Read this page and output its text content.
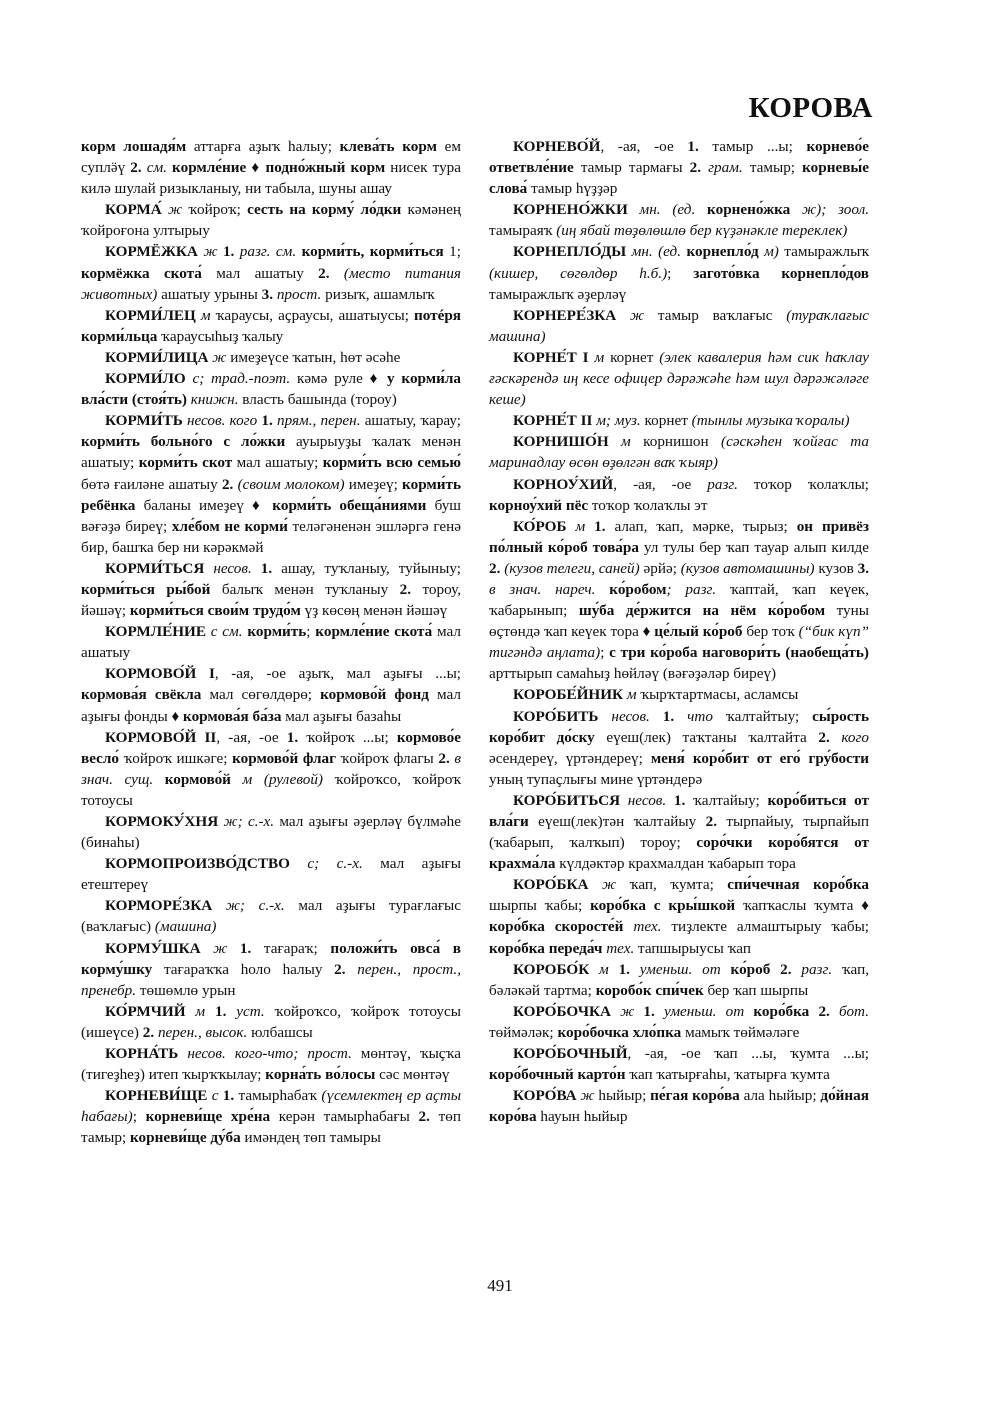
КОРОВА

корм лошадя́м аттарға аҙыҡ һалыу; клева́ть корм ем суплӛү 2. см. кормле́ние ♦ подно́жный корм нисек тура килә шулай ризыкланыу, ни табыла, шуны ашау

КОРМА́ ж ҡойроҡ; сесть на корму́ ло́дки кәмәнең ҡойроғона ултырыу

КОРМЁЖКА ж 1. разг. см. корми́ть, корми́ться 1; кормёжка скота́ мал ашатыу 2. (место питания животных) ашатыу урыны 3. прост. ризыҡ, ашамлыҡ

КОРМИ́ЛЕЦ м ҡараусы, аҫраусы, ашатыусы; потéря корми́льца ҡараусыһыҙ ҡалыу

КОРМИ́ЛИЦА ж имеҙеүсе ҡатын, һөт әсәһе

КОРМИ́ЛО с; трад.-поэт. кәмә руле ♦ у корми́ла вла́сти (стоя́ть) книжн. власть башында (тороу)

КОРМИ́ТЬ несов. кого 1. прям., перен. ашатыу, ҡарау; корми́ть больно́го с ло́жки ауырыуҙы ҡалаҡ менән ашатыу; корми́ть скот мал ашатыу; корми́ть всю семью́ бөтә ғаиләне ашатыу 2. (своим молоком) имеҙеү; корми́ть ребёнка баланы имеҙеү ♦ корми́ть обеща́ниями буш вәғәҙә биреү; хле́бом не корми́ теләгәненән эшләргә генә бир, башҡа бер ни кәрәкмәй

КОРМИ́ТЬСЯ несов. 1. ашау, туҡланыу, туйыныу; корми́ться ры́бой балыҡ менән туҡланыу 2. тороу, йәшәү; корми́ться свои́м трудо́м үҙ көсөң менән йәшәү

КОРМЛЕ́НИЕ с см. корми́ть; кормле́ние скота́ мал ашатыу

КОРМОВО́Й I, -ая, -ое аҙыҡ, мал аҙығы ...ы; кормова́я свёкла мал сөгөлдөрө; кормово́й фонд мал аҙығы фонды ♦ кормова́я ба́за мал аҙығы базаһы

КОРМОВО́Й II, -ая, -ое 1. ҡойроҡ ...ы; кормово́е весло́ ҡойроҡ ишкәге; кормово́й флаг ҡойроҡ флагы 2. в знач. сущ. кормово́й м (рулевой) ҡойроҡсо, ҡойроҡ тотоусы

КОРМОКУ́ХНЯ ж; с.-х. мал аҙығы әҙерләү бүлмәһе (бинаһы)

КОРМОПРОИЗВО́ДСТВО с; с.-х. мал аҙығы етештереү

КОРМОРЕ́ЗКА ж; с.-х. мал аҙығы турағлағыс (ваҡлағыс) (машина)

КОРМУ́ШКА ж 1. тағараҡ; положи́ть овса́ в корму́шку тағараҡҡа һоло һалыу 2. перен., прост., пренебр. төшөмлө урын

КО́РМЧИЙ м 1. уст. ҡойроҡсо, ҡойроҡ тотоусы (ишеүсе) 2. перен., высок. юлбашсы

КОРНА́ТЬ несов. кого-что; прост. мөнтәү, ҡыҫҡа (тигеҙһеҙ) итеп ҡырҡҡылау; корна́ть во́лосы сәс мөнтәү

КОРНЕВИ́ЩЕ с 1. тамырһабаҡ (үсемлектең ер аҫты һабағы); корневи́ще хре́на керән тамырһабағы 2. төп тамыр; корневи́ще ду́ба имәндең төп тамыры

КОРНЕВО́Й, -ая, -ое 1. тамыр ...ы; корнево́е ответвле́ние тамыр тармағы 2. грам. тамыр; корневы́е слова́ тамыр һүҙҙәр

КОРНЕНО́ЖКИ мн. (ед. корнено́жка ж); зоол. тамыраяҡ (иң ябай төҙөлөшлө бер күҙәнәкле тереклек)

КОРНЕПЛО́ДЫ мн. (ед. корнепло́д м) тамыражлыҡ (кишер, сөгөлдөр һ.б.); загото́вка корнепло́дов тамыражлыҡ әҙерләү

КОРНЕРЕ́ЗКА ж тамыр ваҡлағыс (тураҡлағыс машина)

КОРНЕ́Т I м корнет (элек кавалерия һәм сик һаҡлау ғәскәрендә иң кесе офицер дәрәжәһе һәм шул дәрәжәләге кеше)

КОРНЕ́Т II м; муз. корнет (тынлы музыка ҡоралы)

КОРНИШО́Н м корнишон (сәскәһен ҡойғас та маринадлау өсөн өҙөлгән ваҡ ҡыяр)

КОРНОУ́ХИЙ, -ая, -ое разг. тоҡор ҡолаҡлы; корноу́хий пёс тоҡор ҡолаҡлы эт

КО́РОБ м 1. алап, ҡап, мәрке, тырыз; он привёз по́лный ко́роб това́ра ул тулы бер ҡап тауар алып килде 2. (кузов телеги, саней) әрйә; (кузов автомашины) кузов 3. в знач. нареч. ко́робом; разг. ҡаптай, ҡап кеүек, ҡабарынып; шу́ба де́ржится на нём ко́робом туны өҫтөндә ҡап кеүек тора ♦ це́лый ко́роб бер тоҡ (“бик күп” тигәндә аңлата); с три ко́роба наговори́ть (наобеща́ть) арттырып самаһыҙ һөйләү (вәғәҙәләр биреү)

КОРОБЕ́ЙНИК м ҡырҡтартмасы, асламсы

КОРО́БИТЬ несов. 1. что ҡалтайтыу; сы́рость коро́бит до́ску еүеш(лек) таҡтаны ҡалтайта 2. кого әсендереү, үртәндереү; меня́ коро́бит от его́ гру́бости уның тупаҫлығы мине үртәндерә

КОРО́БИТЬСЯ несов. 1. ҡалтайыу; коро́биться от вла́ги еүеш(лек)тән ҡалтайыу 2. тырпайыу, тырпайып (ҡабарып, ҡалҡып) тороу; соро́чки коро́бятся от крахма́ла күлдәктәр крахмалдан ҡабарып тора

КОРО́БКА ж ҡап, ҡумта; спи́чечная коро́бка шырпы ҡабы; коро́бка с кры́шкой ҡапҡаслы ҡумта ♦ коро́бка скоросте́й тех. тиҙлекте алмаштырыу ҡабы; коро́бка переда́ч тех. тапшырыусы ҡап

КОРОБО́К м 1. уменьш. от ко́роб 2. разг. ҡап, бәләкәй тартма; коробо́к спи́чек бер ҡап шырпы

КОРО́БОЧКА ж 1. уменьш. от коро́бка 2. бот. төймәләк; коро́бочка хло́пка мамыҡ төймәләге

КОРО́БОЧНЫЙ, -ая, -ое ҡап ...ы, ҡумта ...ы; коро́бочный карто́н ҡап ҡатырғаһы, ҡатырға ҡумта

КОРО́ВА ж һыйыр; пе́гая коро́ва ала һыйыр; до́йная коро́ва һауын һыйыр

491
